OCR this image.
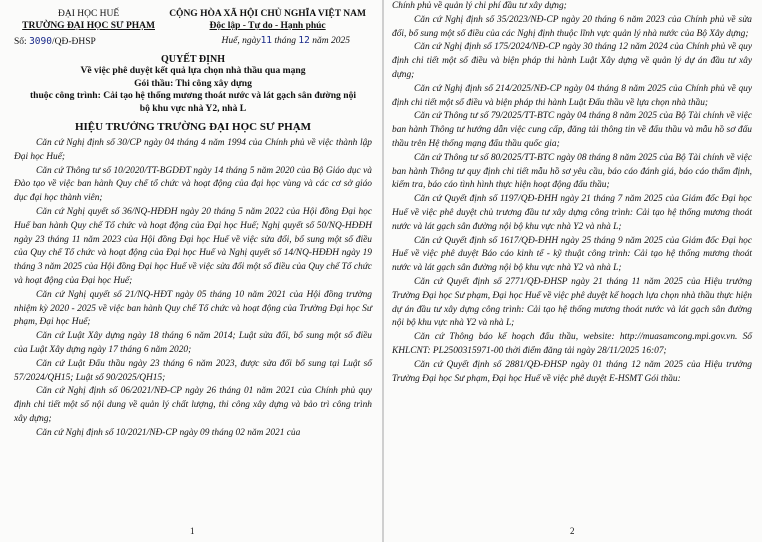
ĐẠI HỌC HUẾ
TRƯỜNG ĐẠI HỌC SƯ PHẠM
CỘNG HÒA XÃ HỘI CHỦ NGHĨA VIỆT NAM
Độc lập - Tự do - Hạnh phúc
Số: 3090/QĐ-ĐHSP	Huế, ngày11 tháng 12 năm 2025
QUYẾT ĐỊNH
Về việc phê duyệt kết quả lựa chọn nhà thầu qua mạng
Gói thầu: Thi công xây dựng
thuộc công trình: Cải tạo hệ thống mương thoát nước và lát gạch sân đường nội
bộ khu vực nhà Y2, nhà L
HIỆU TRƯỞNG TRƯỜNG ĐẠI HỌC SƯ PHẠM

Căn cứ Nghị định số 30/CP ngày 04 tháng 4 năm 1994 của Chính phủ về việc thành lập Đại học Huế;

Căn cứ Thông tư số 10/2020/TT-BGDĐT ngày 14 tháng 5 năm 2020 của Bộ Giáo dục và Đào tạo về việc ban hành Quy chế tổ chức và hoạt động của đại học vùng và các cơ sở giáo dục đại học thành viên;

Căn cứ Nghị quyết số 36/NQ-HĐĐH ngày 20 tháng 5 năm 2022 của Hội đồng Đại học Huế ban hành Quy chế Tổ chức và hoạt động của Đại học Huế; Nghị quyết số 50/NQ-HĐĐH ngày 23 tháng 11 năm 2023 của Hội đồng Đại học Huế về việc sửa đổi, bổ sung một số điều của Quy chế Tổ chức và hoạt động của Đại học Huế và Nghị quyết số 14/NQ-HĐĐH ngày 19 tháng 3 năm 2025 của Hội đồng Đại học Huế về việc sửa đổi một số điều của Quy chế Tổ chức và hoạt động của Đại học Huế;

Căn cứ Nghị quyết số 21/NQ-HĐT ngày 05 tháng 10 năm 2021 của Hội đồng trường nhiệm kỳ 2020 - 2025 về việc ban hành Quy chế Tổ chức và hoạt động của Trường Đại học Sư phạm, Đại học Huế;

Căn cứ Luật Xây dựng ngày 18 tháng 6 năm 2014; Luật sửa đổi, bổ sung một số điều của Luật Xây dựng ngày 17 tháng 6 năm 2020;

Căn cứ Luật Đấu thầu ngày 23 tháng 6 năm 2023, được sửa đổi bổ sung tại Luật số 57/2024/QH15; Luật số 90/2025/QH15;

Căn cứ Nghị định số 06/2021/NĐ-CP ngày 26 tháng 01 năm 2021 của Chính phủ quy định chi tiết một số nội dung về quản lý chất lượng, thi công xây dựng và bảo trì công trình xây dựng;

Căn cứ Nghị định số 10/2021/NĐ-CP ngày 09 tháng 02 năm 2021 của

1

Chính phủ về quản lý chi phí đầu tư xây dựng;

Căn cứ Nghị định số 35/2023/NĐ-CP ngày 20 tháng 6 năm 2023 của Chính phủ về sửa đổi, bổ sung một số điều của các Nghị định thuộc lĩnh vực quản lý nhà nước của Bộ Xây dựng;

Căn cứ Nghị định số 175/2024/NĐ-CP ngày 30 tháng 12 năm 2024 của Chính phủ về quy định chi tiết một số điều và biện pháp thi hành Luật Xây dựng về quản lý dự án đầu tư xây dựng;

Căn cứ Nghị định số 214/2025/NĐ-CP ngày 04 tháng 8 năm 2025 của Chính phủ về quy định chi tiết một số điều và biện pháp thi hành Luật Đấu thầu về lựa chọn nhà thầu;

Căn cứ Thông tư số 79/2025/TT-BTC ngày 04 tháng 8 năm 2025 của Bộ Tài chính về việc ban hành Thông tư hướng dẫn việc cung cấp, đăng tải thông tin về đấu thầu và mẫu hồ sơ đấu thầu trên Hệ thống mạng đấu thầu quốc gia;

Căn cứ Thông tư số 80/2025/TT-BTC ngày 08 tháng 8 năm 2025 của Bộ Tài chính về việc ban hành Thông tư quy định chi tiết mẫu hồ sơ yêu cầu, báo cáo đánh giá, báo cáo thẩm định, kiểm tra, báo cáo tình hình thực hiện hoạt động đấu thầu;

Căn cứ Quyết định số 1197/QĐ-ĐHH ngày 21 tháng 7 năm 2025 của Giám đốc Đại học Huế về việc phê duyệt chủ trương đầu tư xây dựng công trình: Cải tạo hệ thống mương thoát nước và lát gạch sân đường nội bộ khu vực nhà Y2 và nhà L;

Căn cứ Quyết định số 1617/QĐ-ĐHH ngày 25 tháng 9 năm 2025 của Giám đốc Đại học Huế về việc phê duyệt Báo cáo kinh tế - kỹ thuật công trình: Cải tạo hệ thống mương thoát nước và lát gạch sân đường nội bộ khu vực nhà Y2 và nhà L;

Căn cứ Quyết định số 2771/QĐ-ĐHSP ngày 21 tháng 11 năm 2025 của Hiệu trưởng Trường Đại học Sư phạm, Đại học Huế về việc phê duyệt kế hoạch lựa chọn nhà thầu thực hiện dự án đầu tư xây dựng công trình: Cải tạo hệ thống mương thoát nước và lát gạch sân đường nội bộ khu vực nhà Y2 và nhà L;

Căn cứ Thông báo kế hoạch đấu thầu, website: http://muasamcong.mpi.gov.vn. Số KHLCNT: PL2500315971-00 thời điểm đăng tải ngày 28/11/2025 16:07;

Căn cứ Quyết định số 2881/QĐ-ĐHSP ngày 01 tháng 12 năm 2025 của Hiệu trưởng Trường Đại học Sư phạm, Đại học Huế về việc phê duyệt E-HSMT Gói thầu:

2
